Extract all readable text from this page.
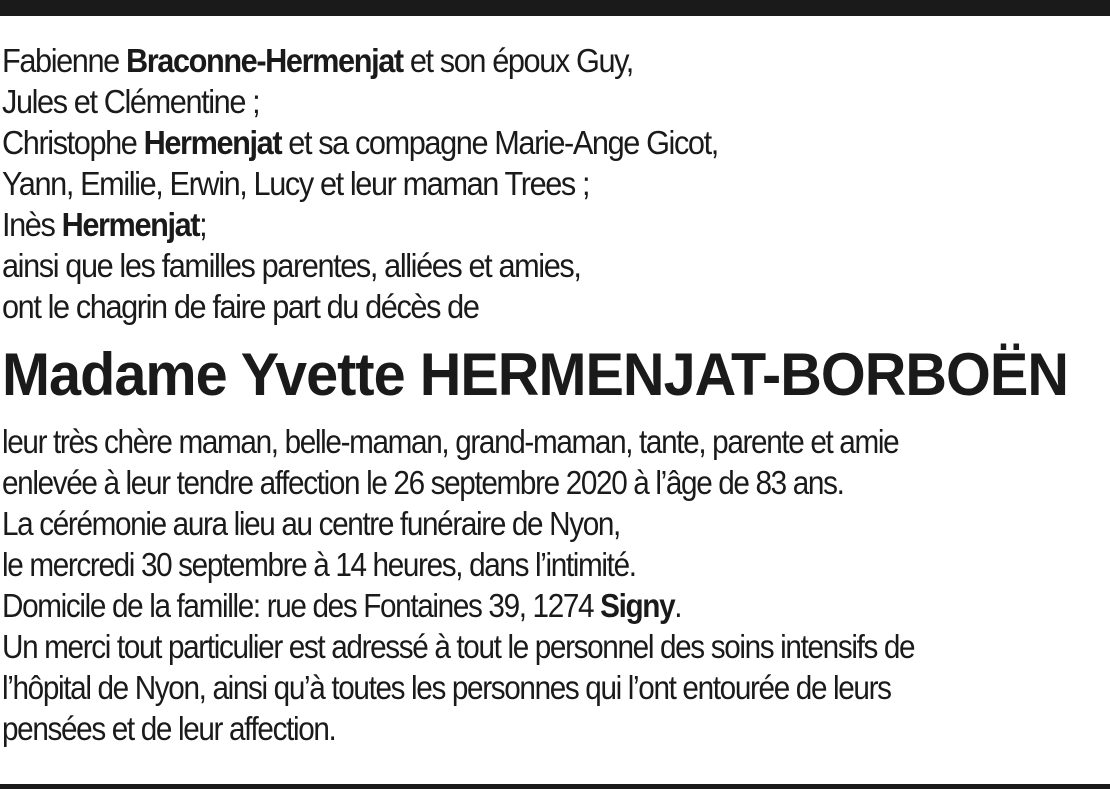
Fabienne Braconne-Hermenjat et son époux Guy,

Jules et Clémentine ;

Christophe Hermenjat et sa compagne Marie-Ange Gicot,

Yann, Emilie, Erwin, Lucy et leur maman Trees ;

Inès Hermenjat;

ainsi que les familles parentes, alliées et amies,

ont le chagrin de faire part du décès de

Madame Yvette HERMENJAT-BORBOËN

leur très chère maman, belle-maman, grand-maman, tante, parente et amie

enlevée à leur tendre affection le 26 septembre 2020 à l’âge de 83 ans.

La cérémonie aura lieu au centre funéraire de Nyon,

le mercredi 30 septembre à 14 heures, dans l’intimité.

Domicile de la famille: rue des Fontaines 39, 1274 Signy.

Un merci tout particulier est adressé à tout le personnel des soins intensifs de

l’hôpital de Nyon, ainsi qu’à toutes les personnes qui l’ont entourée de leurs

pensées et de leur affection.
